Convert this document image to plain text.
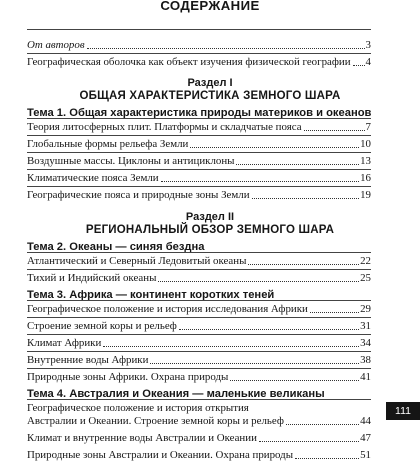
СОДЕРЖАНИЕ
От авторов	3
Географическая оболочка как объект изучения физической географии 4
Раздел I
ОБЩАЯ ХАРАКТЕРИСТИКА ЗЕМНОГО ШАРА
Тема 1. Общая характеристика природы материков и океанов
Теория литосферных плит. Платформы и складчатые пояса	7
Глобальные формы рельефа Земли	10
Воздушные массы. Циклоны и антициклоны	13
Климатические пояса Земли	16
Географические пояса и природные зоны Земли	19
Раздел II
РЕГИОНАЛЬНЫЙ ОБЗОР ЗЕМНОГО ШАРА
Тема 2. Океаны — синяя бездна
Атлантический и Северный Ледовитый океаны	22
Тихий и Индийский океаны	25
Тема 3. Африка — континент коротких теней
Географическое положение и история исследования Африки	29
Строение земной коры и рельеф	31
Климат Африки	34
Внутренние воды Африки	38
Природные зоны Африки. Охрана природы	41
Тема 4. Австралия и Океания — маленькие великаны
Географическое положение и история открытия
Австралии и Океании. Строение земной коры и рельеф	44
Климат и внутренние воды Австралии и Океании	47
Природные зоны Австралии и Океании. Охрана природы	51
111
